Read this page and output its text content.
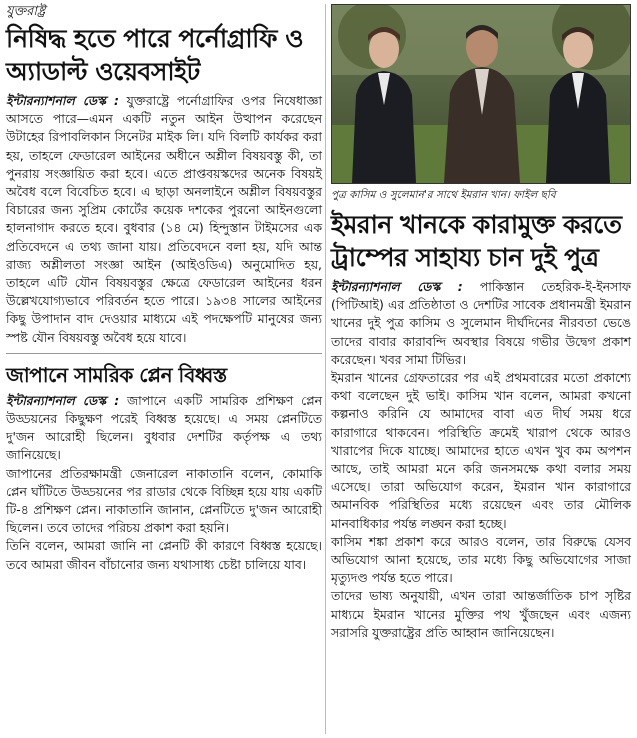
যুক্তরাষ্ট্র
নিষিদ্ধ হতে পারে পর্নোগ্রাফি ও অ্যাডাল্ট ওয়েবসাইট
ইন্টারন্যাশনাল ডেস্ক : যুক্তরাষ্ট্রে পর্নোগ্রাফির ওপর নিষেধাজ্ঞা আসতে পারে—এমন একটি নতুন আইন উত্থাপন করেছেন উটাহের রিপাবলিকান সিনেটর মাইক লি। যদি বিলটি কার্যকর করা হয়, তাহলে ফেডারেল আইনের অধীনে অশ্লীল বিষয়বস্তু কী, তা পুনরায় সংজ্ঞায়িত করা হবে। এতে প্রাপ্তবয়স্কদের অনেক বিষয়ই অবৈধ বলে বিবেচিত হবে। এ ছাড়া অনলাইনে অশ্লীল বিষয়বস্তুর বিচারের জন্য সুপ্রিম কোর্টের কয়েক দশকের পুরনো আইনগুলো হালনাগাদ করতে হবে। বুধবার (১৪ মে) হিন্দুস্তান টাইমসের এক প্রতিবেদনে এ তথ্য জানা যায়। প্রতিবেদনে বলা হয়, যদি আন্ত রাজ্য অশ্লীলতা সংজ্ঞা আইন (আইওডিএ) অনুমোদিত হয়, তাহলে এটি যৌন বিষয়বস্তুর ক্ষেত্রে ফেডারেল আইনের ধরন উল্লেখযোগ্যভাবে পরিবর্তন হতে পারে। ১৯৩৪ সালের আইনের কিছু উপাদান বাদ দেওয়ার মাধ্যমে এই পদক্ষেপটি মানুষের জন্য স্পষ্ট যৌন বিষয়বস্তু অবৈধ হয়ে যাবে।
জাপানে সামরিক প্লেন বিধ্বস্ত

ইন্টারন্যাশনাল ডেস্ক : জাপানে একটি সামরিক প্রশিক্ষণ প্লেন উড্ডয়নের কিছুক্ষণ পরেই বিধ্বস্ত হয়েছে। এ সময় প্লেনটিতে দু'জন আরোহী ছিলেন। বুধবার দেশটির কর্তৃপক্ষ এ তথ্য জানিয়েছে।

জাপানের প্রতিরক্ষামন্ত্রী জেনারেল নাকাতানি বলেন, কোমাকি প্লেন ঘাঁটিতে উড্ডয়নের পর রাডার থেকে বিচ্ছিন্ন হয়ে যায় একটি টি-৪ প্রশিক্ষণ প্লেন। নাকাতানি জানান, প্লেনটিতে দু'জন আরোহী ছিলেন। তবে তাদের পরিচয় প্রকাশ করা হয়নি।

তিনি বলেন, আমরা জানি না প্লেনটি কী কারণে বিধ্বস্ত হয়েছে। তবে আমরা জীবন বাঁচানোর জন্য যথাসাধ্য চেষ্টা চালিয়ে যাব।

পুত্র কাসিম ও সুলেমান'র সাথে ইমরান খান। ফাইল ছবি
ইমরান খানকে কারামুক্ত করতে ট্রাম্পের সাহায্য চান দুই পুত্র

ইন্টারন্যাশনাল ডেস্ক : পাকিস্তান তেহরিক-ই-ইনসাফ (পিটিআই) এর প্রতিষ্ঠাতা ও দেশটির সাবেক প্রধানমন্ত্রী ইমরান খানের দুই পুত্র কাসিম ও সুলেমান দীর্ঘদিনের নীরবতা ভেঙে তাদের বাবার কারাবন্দি অবস্থার বিষয়ে গভীর উদ্বেগ প্রকাশ করেছেন। খবর সামা টিভির।

ইমরান খানের গ্রেফতারের পর এই প্রথমবারের মতো প্রকাশ্যে কথা বলেছেন দুই ভাই। কাসিম খান বলেন, আমরা কখনো কল্পনাও করিনি যে আমাদের বাবা এত দীর্ঘ সময় ধরে কারাগারে থাকবেন। পরিস্থিতি ক্রমেই খারাপ থেকে আরও খারাপের দিকে যাচ্ছে। আমাদের হাতে এখন খুব কম অপশন আছে, তাই আমরা মনে করি জনসমক্ষে কথা বলার সময় এসেছে। তারা অভিযোগ করেন, ইমরান খান কারাগারে অমানবিক পরিস্থিতির মধ্যে রয়েছেন এবং তার মৌলিক মানবাধিকার পর্যন্ত লঙ্ঘন করা হচ্ছে।

কাসিম শঙ্কা প্রকাশ করে আরও বলেন, তার বিরুদ্ধে যেসব অভিযোগ আনা হয়েছে, তার মধ্যে কিছু অভিযোগের সাজা মৃত্যুদণ্ড পর্যন্ত হতে পারে।

তাদের ভাষ্য অনুযায়ী, এখন তারা আন্তর্জাতিক চাপ সৃষ্টির মাধ্যমে ইমরান খানের মুক্তির পথ খুঁজছেন এবং এজন্য সরাসরি যুক্তরাষ্ট্রের প্রতি আহ্বান জানিয়েছেন।
